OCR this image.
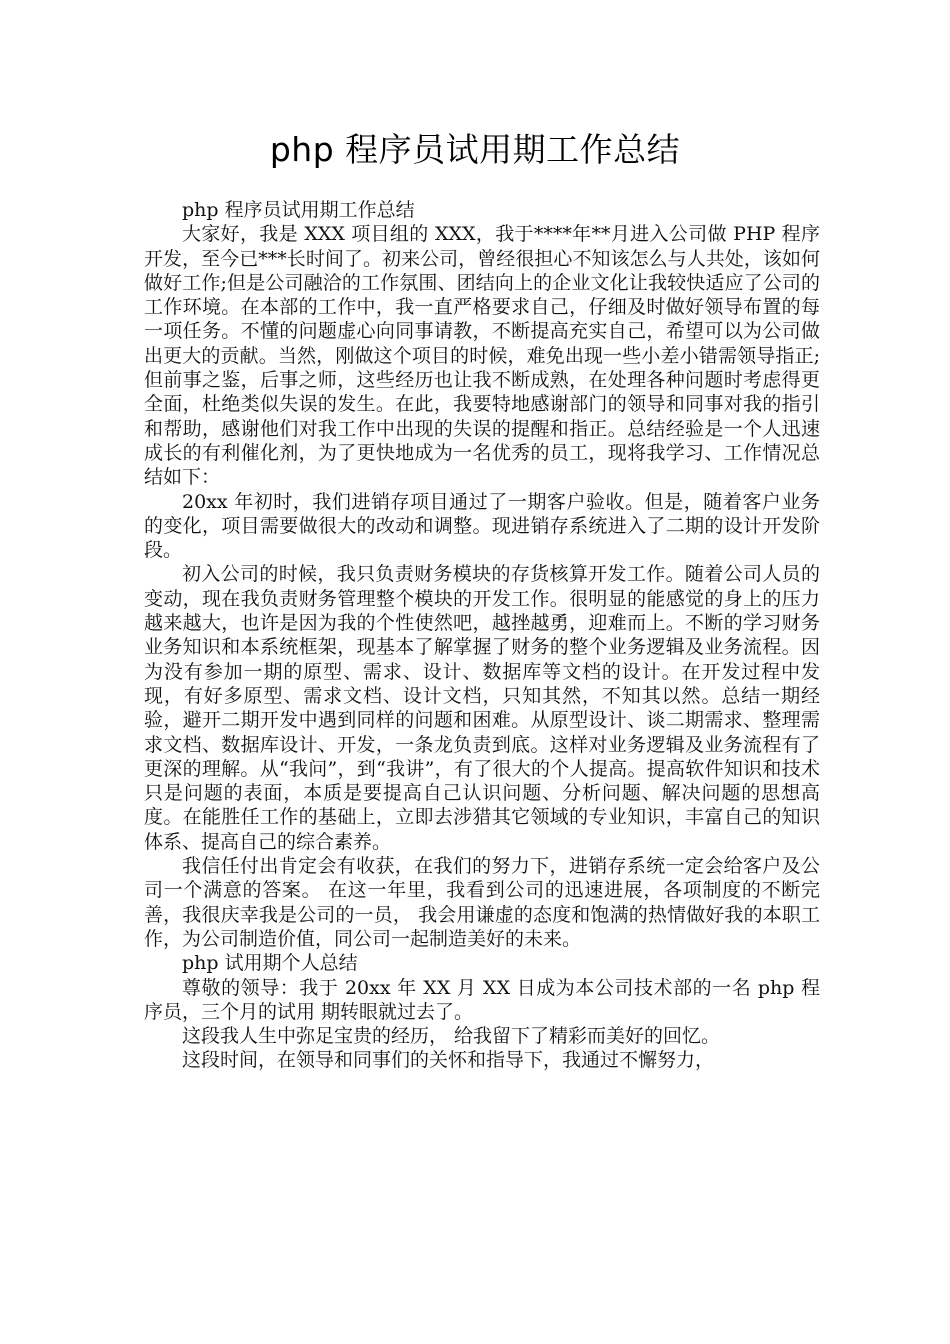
php 程序员试用期工作总结

php 程序员试用期工作总结

大家好，我是 XXX 项目组的 XXX，我于****年**月进入公司做 PHP 程序开发，至今已***长时间了。初来公司，曾经很担心不知该怎么与人共处，该如何做好工作;但是公司融洽的工作氛围、团结向上的企业文化让我较快适应了公司的工作环境。在本部的工作中，我一直严格要求自己，仔细及时做好领导布置的每一项任务。不懂的问题虚心向同事请教，不断提高充实自己，希望可以为公司做出更大的贡献。当然，刚做这个项目的时候，难免出现一些小差小错需领导指正;但前事之鉴，后事之师，这些经历也让我不断成熟，在处理各种问题时考虑得更全面，杜绝类似失误的发生。在此，我要特地感谢部门的领导和同事对我的指引和帮助，感谢他们对我工作中出现的失误的提醒和指正。总结经验是一个人迅速成长的有利催化剂，为了更快地成为一名优秀的员工，现将我学习、工作情况总结如下：

20xx 年初时，我们进销存项目通过了一期客户验收。但是，随着客户业务的变化，项目需要做很大的改动和调整。现进销存系统进入了二期的设计开发阶段。

初入公司的时候，我只负责财务模块的存货核算开发工作。随着公司人员的变动，现在我负责财务管理整个模块的开发工作。很明显的能感觉的身上的压力越来越大，也许是因为我的个性使然吧，越挫越勇，迎难而上。不断的学习财务业务知识和本系统框架，现基本了解掌握了财务的整个业务逻辑及业务流程。因为没有参加一期的原型、需求、设计、数据库等文档的设计。在开发过程中发现，有好多原型、需求文档、设计文档，只知其然，不知其以然。总结一期经验，避开二期开发中遇到同样的问题和困难。从原型设计、谈二期需求、整理需求文档、数据库设计、开发，一条龙负责到底。这样对业务逻辑及业务流程有了更深的理解。从“我问”，到“我讲”，有了很大的个人提高。提高软件知识和技术只是问题的表面，本质是要提高自己认识问题、分析问题、解决问题的思想高度。在能胜任工作的基础上，立即去涉猎其它领域的专业知识，丰富自己的知识体系、提高自己的综合素养。

我信任付出肯定会有收获，在我们的努力下，进销存系统一定会给客户及公司一个满意的答案。 在这一年里，我看到公司的迅速进展，各项制度的不断完善，我很庆幸我是公司的一员， 我会用谦虚的态度和饱满的热情做好我的本职工作，为公司制造价值，同公司一起制造美好的未来。

php 试用期个人总结

尊敬的领导：我于 20xx 年 XX 月 XX 日成为本公司技术部的一名 php 程序员，三个月的试用 期转眼就过去了。

这段我人生中弥足宝贵的经历， 给我留下了精彩而美好的回忆。

这段时间，在领导和同事们的关怀和指导下，我通过不懈努力，
